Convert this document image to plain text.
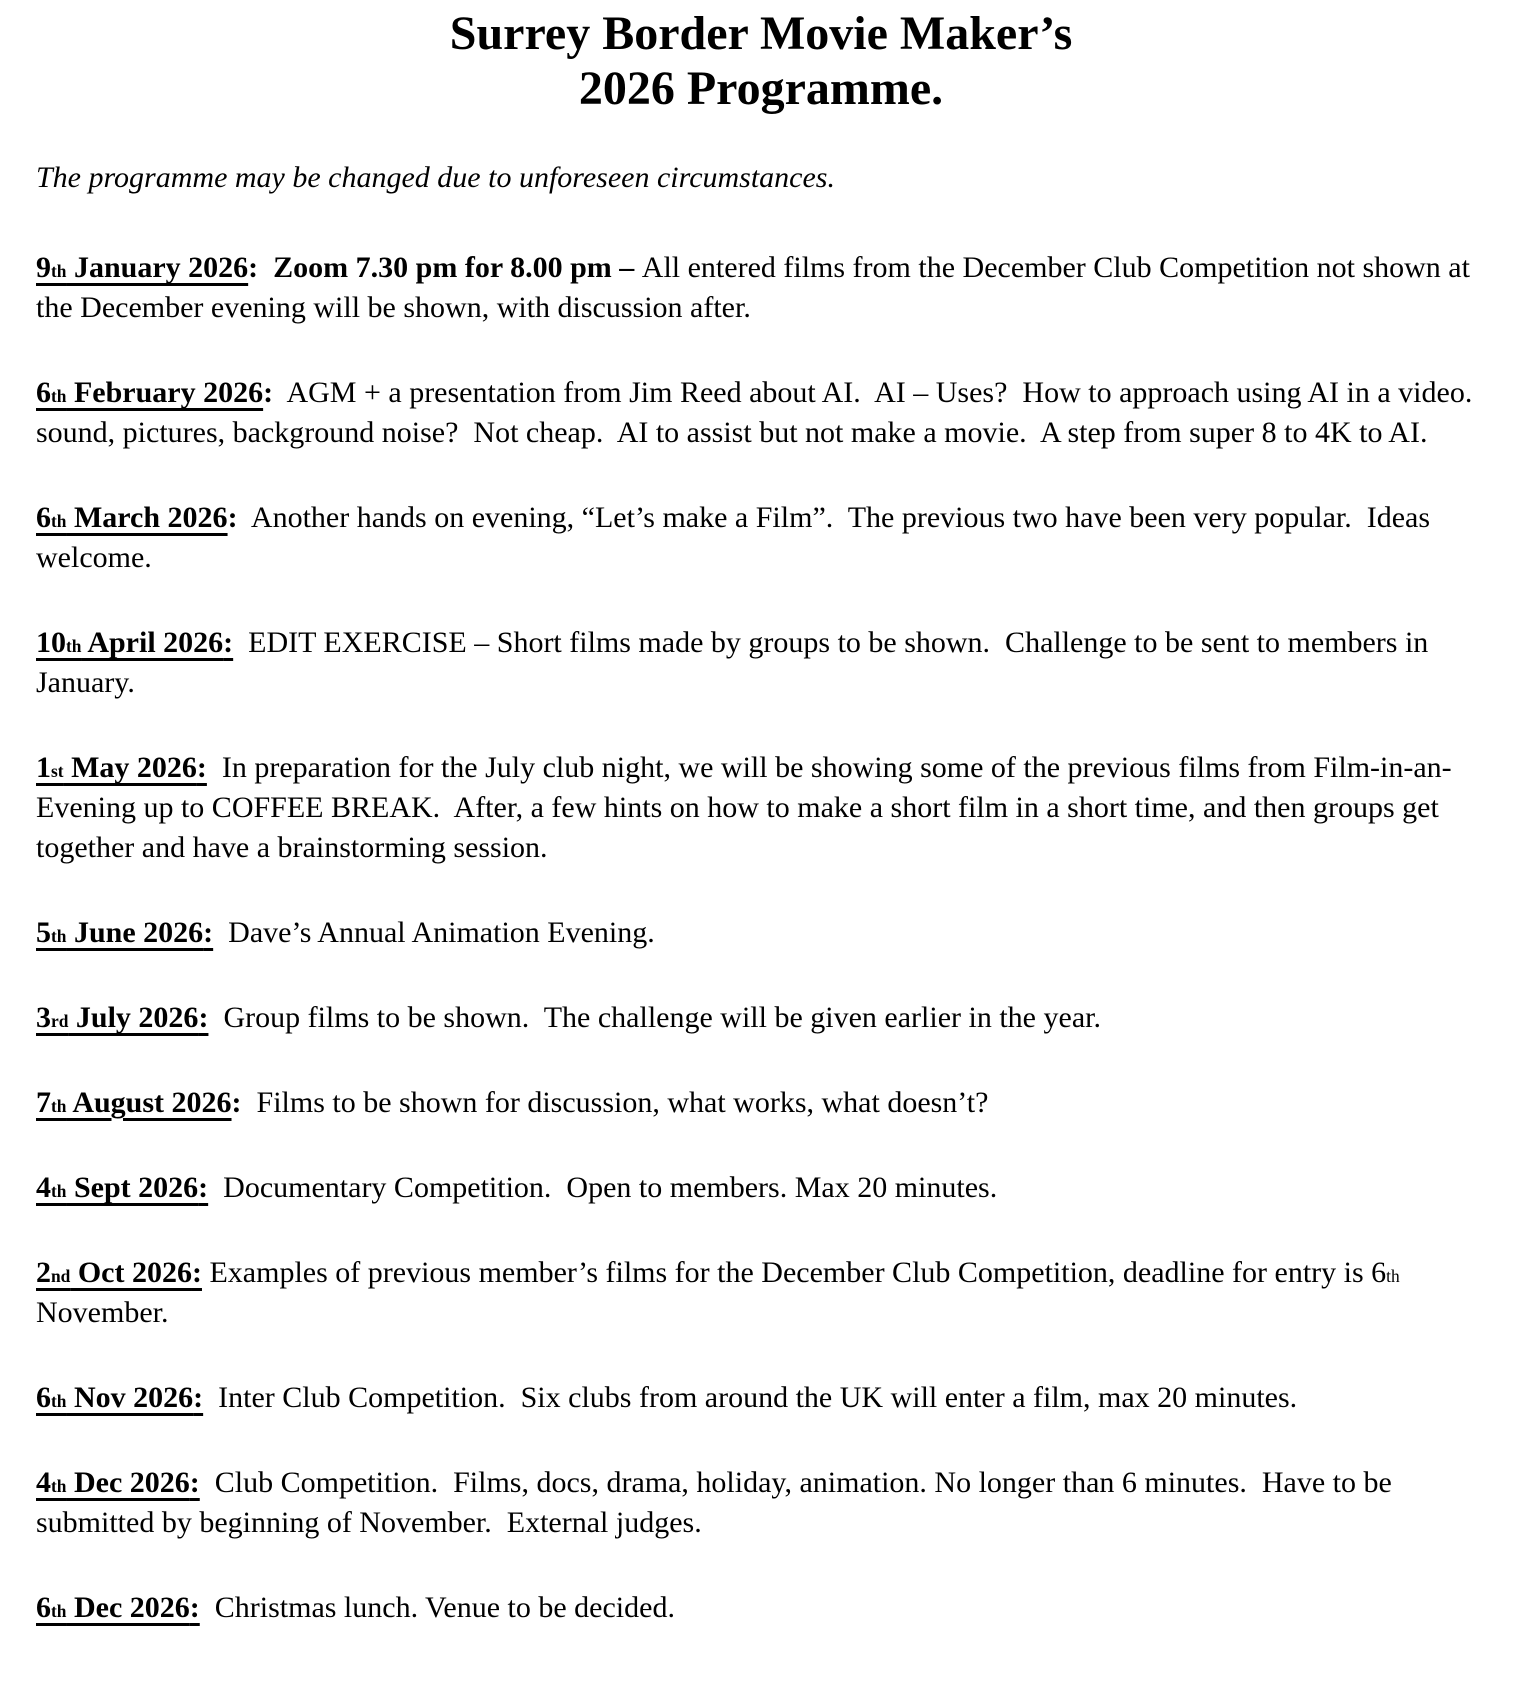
Surrey Border Movie Maker’s
2026 Programme.

The programme may be changed due to unforeseen circumstances.

9th January 2026:  Zoom 7.30 pm for 8.00 pm – All entered films from the December Club Competition not shown at the December evening will be shown, with discussion after.

6th February 2026:  AGM + a presentation from Jim Reed about AI.  AI – Uses?  How to approach using AI in a video. sound, pictures, background noise?  Not cheap.  AI to assist but not make a movie.  A step from super 8 to 4K to AI.

6th March 2026:  Another hands on evening, “Let’s make a Film”.  The previous two have been very popular.  Ideas welcome.

10th April 2026:  EDIT EXERCISE – Short films made by groups to be shown.  Challenge to be sent to members in January.

1st May 2026:  In preparation for the July club night, we will be showing some of the previous films from Film-in-an-Evening up to COFFEE BREAK.  After, a few hints on how to make a short film in a short time, and then groups get together and have a brainstorming session.

5th June 2026:  Dave’s Annual Animation Evening.

3rd July 2026:  Group films to be shown.  The challenge will be given earlier in the year.

7th August 2026:  Films to be shown for discussion, what works, what doesn’t?

4th Sept 2026:  Documentary Competition.  Open to members. Max 20 minutes.

2nd Oct 2026: Examples of previous member’s films for the December Club Competition, deadline for entry is 6th November.

6th Nov 2026:  Inter Club Competition.  Six clubs from around the UK will enter a film, max 20 minutes.

4th Dec 2026:  Club Competition.  Films, docs, drama, holiday, animation. No longer than 6 minutes.  Have to be submitted by beginning of November.  External judges.

6th Dec 2026:  Christmas lunch. Venue to be decided.
